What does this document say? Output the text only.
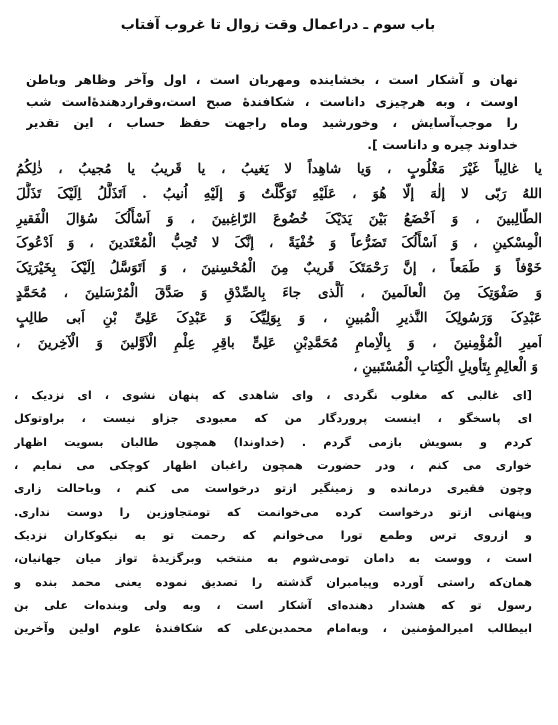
باب سوم ـ دراعمال وقت زوال تا غروب آفتاب
نهان و آشکار است ، بخشاینده ومهربان است ، اول وآخر وظاهر وباطن
اوست ، وبه هرچیزی داناست ، شکافندۀ صبح است،وقراردهندۀاست شب
را موجب‌آسایش ، وخورشید وماه راجهت حفظ حساب ، این تقدیر
خداوند چیره و داناست ].
یا غالِباً غَیْرَ مَغْلُوبٍ ، وَیا شاهِداً لا یَغیبُ ، یا قَریبُ یا مُجیبُ ، ذٰلِکُمُ
اللهُ رَبّی لا إلٰهَ إلّا هُوَ ، عَلَیْهِ تَوَکَّلْتُ وَ إلَیْهِ اُنیبُ . اَتَذَلَّلُ اِلَیْکَ تَذَلُّلَ
الطّالِبینَ ، وَ اَخْضَعُ بَیْنَ یَدَیْکَ خُضُوعَ الرّاغِبینَ ، وَ اَسْأَلُکَ سُؤالَ الْفَقیرِ
الْمِسْکینِ ، وَ اَسْأَلُکَ تَضَرُّعاً وَ خُفْیَةً ، إنَّکَ لا تُحِبُّ الْمُعْتَدینَ ، وَ اَدْعُوکَ
خَوْفاً وَ طَمَعاً ، إنَّ رَحْمَتَکَ قَریبٌ مِنَ الْمُحْسِنینَ ، وَ اَتَوَسَّلُ اِلَیْکَ بِخَیْرَتِکَ
وَ صَفْوَتِکَ مِنَ الْعالَمینَ ، اَلَّذی جاءَ بِالصِّدْقِ وَ صَدَّقَ الْمُرْسَلینَ ، مُحَمَّدٍ
عَبْدِکَ وَرَسُولِکَ النَّذیرِ الْمُبینِ ، وَ بِوَلِیِّکَ وَ عَبْدِکَ عَلِیِّ بْنِ اَبی طالِبٍ
اَمیرِ الْمُؤْمِنینَ ، وَ بِالْاِمامِ مُحَمَّدِبْنِ عَلِیٍّ باقِرِ عِلْمِ الْاَوَّلینَ وَ الْآخِرینَ ،
وَ الْعالِمِ بِتَأویلِ الْکِتابِ الْمُسْتَبینِ ،
[ای غالبی که مغلوب نگردی ، وای شاهدی که پنهان نشوی ، ای نزدیک ،
ای پاسخگو ، اینست پروردگار من که معبودی جزاو نیست ، براوتوکل
کردم و بسویش بازمی گردم . (خداوندا) همچون طالبان بسویت اظهار
خواری می کنم ، ودر حضورت همچون راغبان اظهار کوچکی می نمایم ،
وچون فقیری درمانده و زمینگیر ازتو درخواست می کنم ، وباحالت زاری
وپنهانی ازتو درخواست کرده می‌خوانمت که تومتجاوزین را دوست نداری.
و ازروی ترس وطمع تورا می‌خوانم که رحمت تو به نیکوکاران نزدیک
است ، ووست به دامان تومی‌شوم به منتخب وبرگزیدۀ تواز میان جهانیان،
همان‌که راستی آورده وپیامبران گذشته را تصدیق نموده یعنی محمد بنده و
رسول تو که هشدار دهنده‌ای آشکار است ، وبه ولی وبنده‌ات علی بن
ابیطالب امیرالمؤمنین ، وبه‌امام محمدبن‌علی که شکافندۀ علوم اولین وآخرین
